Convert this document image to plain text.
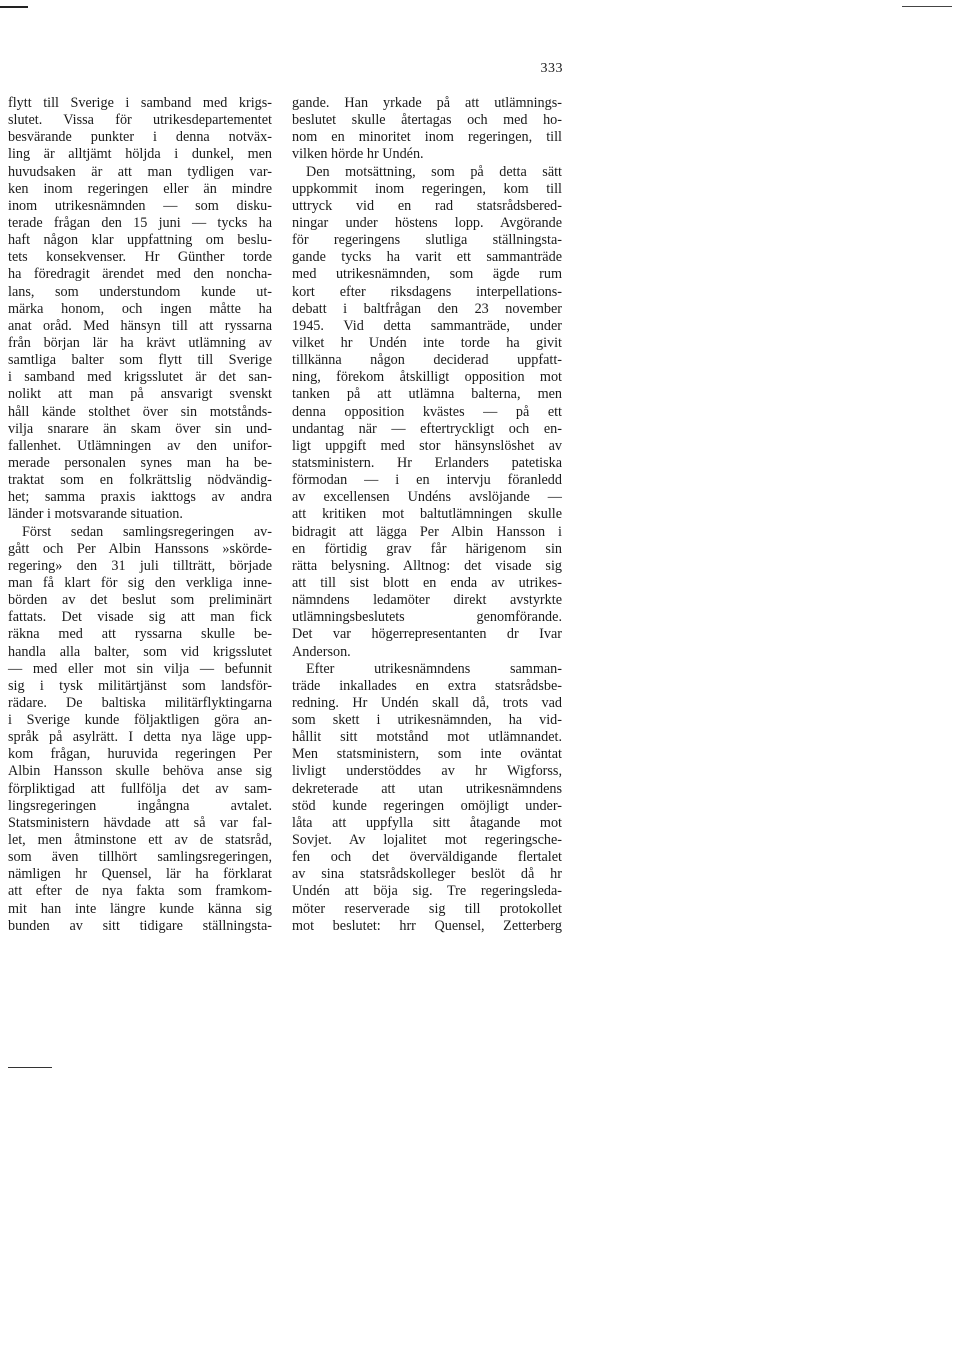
333
flytt till Sverige i samband med krigs-
slutet. Vissa för utrikesdepartementet
besvärande punkter i denna notväx-
ling är alltjämt höljda i dunkel, men
huvudsaken är att man tydligen var-
ken inom regeringen eller än mindre
inom utrikesnämnden — som disku-
terade frågan den 15 juni — tycks ha
haft någon klar uppfattning om beslu-
tets konsekvenser. Hr Günther torde
ha föredragit ärendet med den noncha-
lans, som understundom kunde ut-
märka honom, och ingen måtte ha
anat oråd. Med hänsyn till att ryssarna
från början lär ha krävt utlämning av
samtliga balter som flytt till Sverige
i samband med krigsslutet är det san-
nolikt att man på ansvarigt svenskt
håll kände stolthet över sin motstånds-
vilja snarare än skam över sin und-
fallenhet. Utlämningen av den unifor-
merade personalen synes man ha be-
traktat som en folkrättslig nödvändig-
het; samma praxis iakttogs av andra
länder i motsvarande situation.
Först sedan samlingsregeringen av-
gått och Per Albin Hanssons »skörde-
regering» den 31 juli tillträtt, började
man få klart för sig den verkliga inne-
börden av det beslut som preliminärt
fattats. Det visade sig att man fick
räkna med att ryssarna skulle be-
handla alla balter, som vid krigsslutet
— med eller mot sin vilja — befunnit
sig i tysk militärtjänst som landsför-
rädare. De baltiska militärflyktingarna
i Sverige kunde följaktligen göra an-
språk på asylrätt. I detta nya läge upp-
kom frågan, huruvida regeringen Per
Albin Hansson skulle behöva anse sig
förpliktigad att fullfölja det av sam-
lingsregeringen ingångna avtalet.
Statsministern hävdade att så var fal-
let, men åtminstone ett av de statsråd,
som även tillhört samlingsregeringen,
nämligen hr Quensel, lär ha förklarat
att efter de nya fakta som framkom-
mit han inte längre kunde känna sig
bunden av sitt tidigare ställningsta-
gande. Han yrkade på att utlämnings-
beslutet skulle återtagas och med ho-
nom en minoritet inom regeringen, till
vilken hörde hr Undén.
Den motsättning, som på detta sätt
uppkommit inom regeringen, kom till
uttryck vid en rad statsrådsbered-
ningar under höstens lopp. Avgörande
för regeringens slutliga ställningsta-
gande tycks ha varit ett sammanträde
med utrikesnämnden, som ägde rum
kort efter riksdagens interpellations-
debatt i baltfrågan den 23 november
1945. Vid detta sammanträde, under
vilket hr Undén inte torde ha givit
tillkänna någon deciderad uppfatt-
ning, förekom åtskilligt opposition mot
tanken på att utlämna balterna, men
denna opposition kvästes — på ett
undantag när — eftertryckligt och en-
ligt uppgift med stor hänsynslöshet av
statsministern. Hr Erlanders patetiska
förmodan — i en intervju föranledd
av excellensen Undéns avslöjande —
att kritiken mot baltutlämningen skulle
bidragit att lägga Per Albin Hansson i
en förtidig grav får härigenom sin
rätta belysning. Alltnog: det visade sig
att till sist blott en enda av utrikes-
nämndens ledamöter direkt avstyrkte
utlämningsbeslutets genomförande.
Det var högerrepresentanten dr Ivar
Anderson.
Efter utrikesnämndens samman-
träde inkallades en extra statsrådsbe-
redning. Hr Undén skall då, trots vad
som skett i utrikesnämnden, ha vid-
hållit sitt motstånd mot utlämnandet.
Men statsministern, som inte oväntat
livligt understöddes av hr Wigforss,
dekreterade att utan utrikesnämndens
stöd kunde regeringen omöjligt under-
låta att uppfylla sitt åtagande mot
Sovjet. Av lojalitet mot regeringsche-
fen och det överväldigande flertalet
av sina statsrådskolleger beslöt då hr
Undén att böja sig. Tre regeringsleda-
möter reserverade sig till protokollet
mot beslutet: hrr Quensel, Zetterberg
